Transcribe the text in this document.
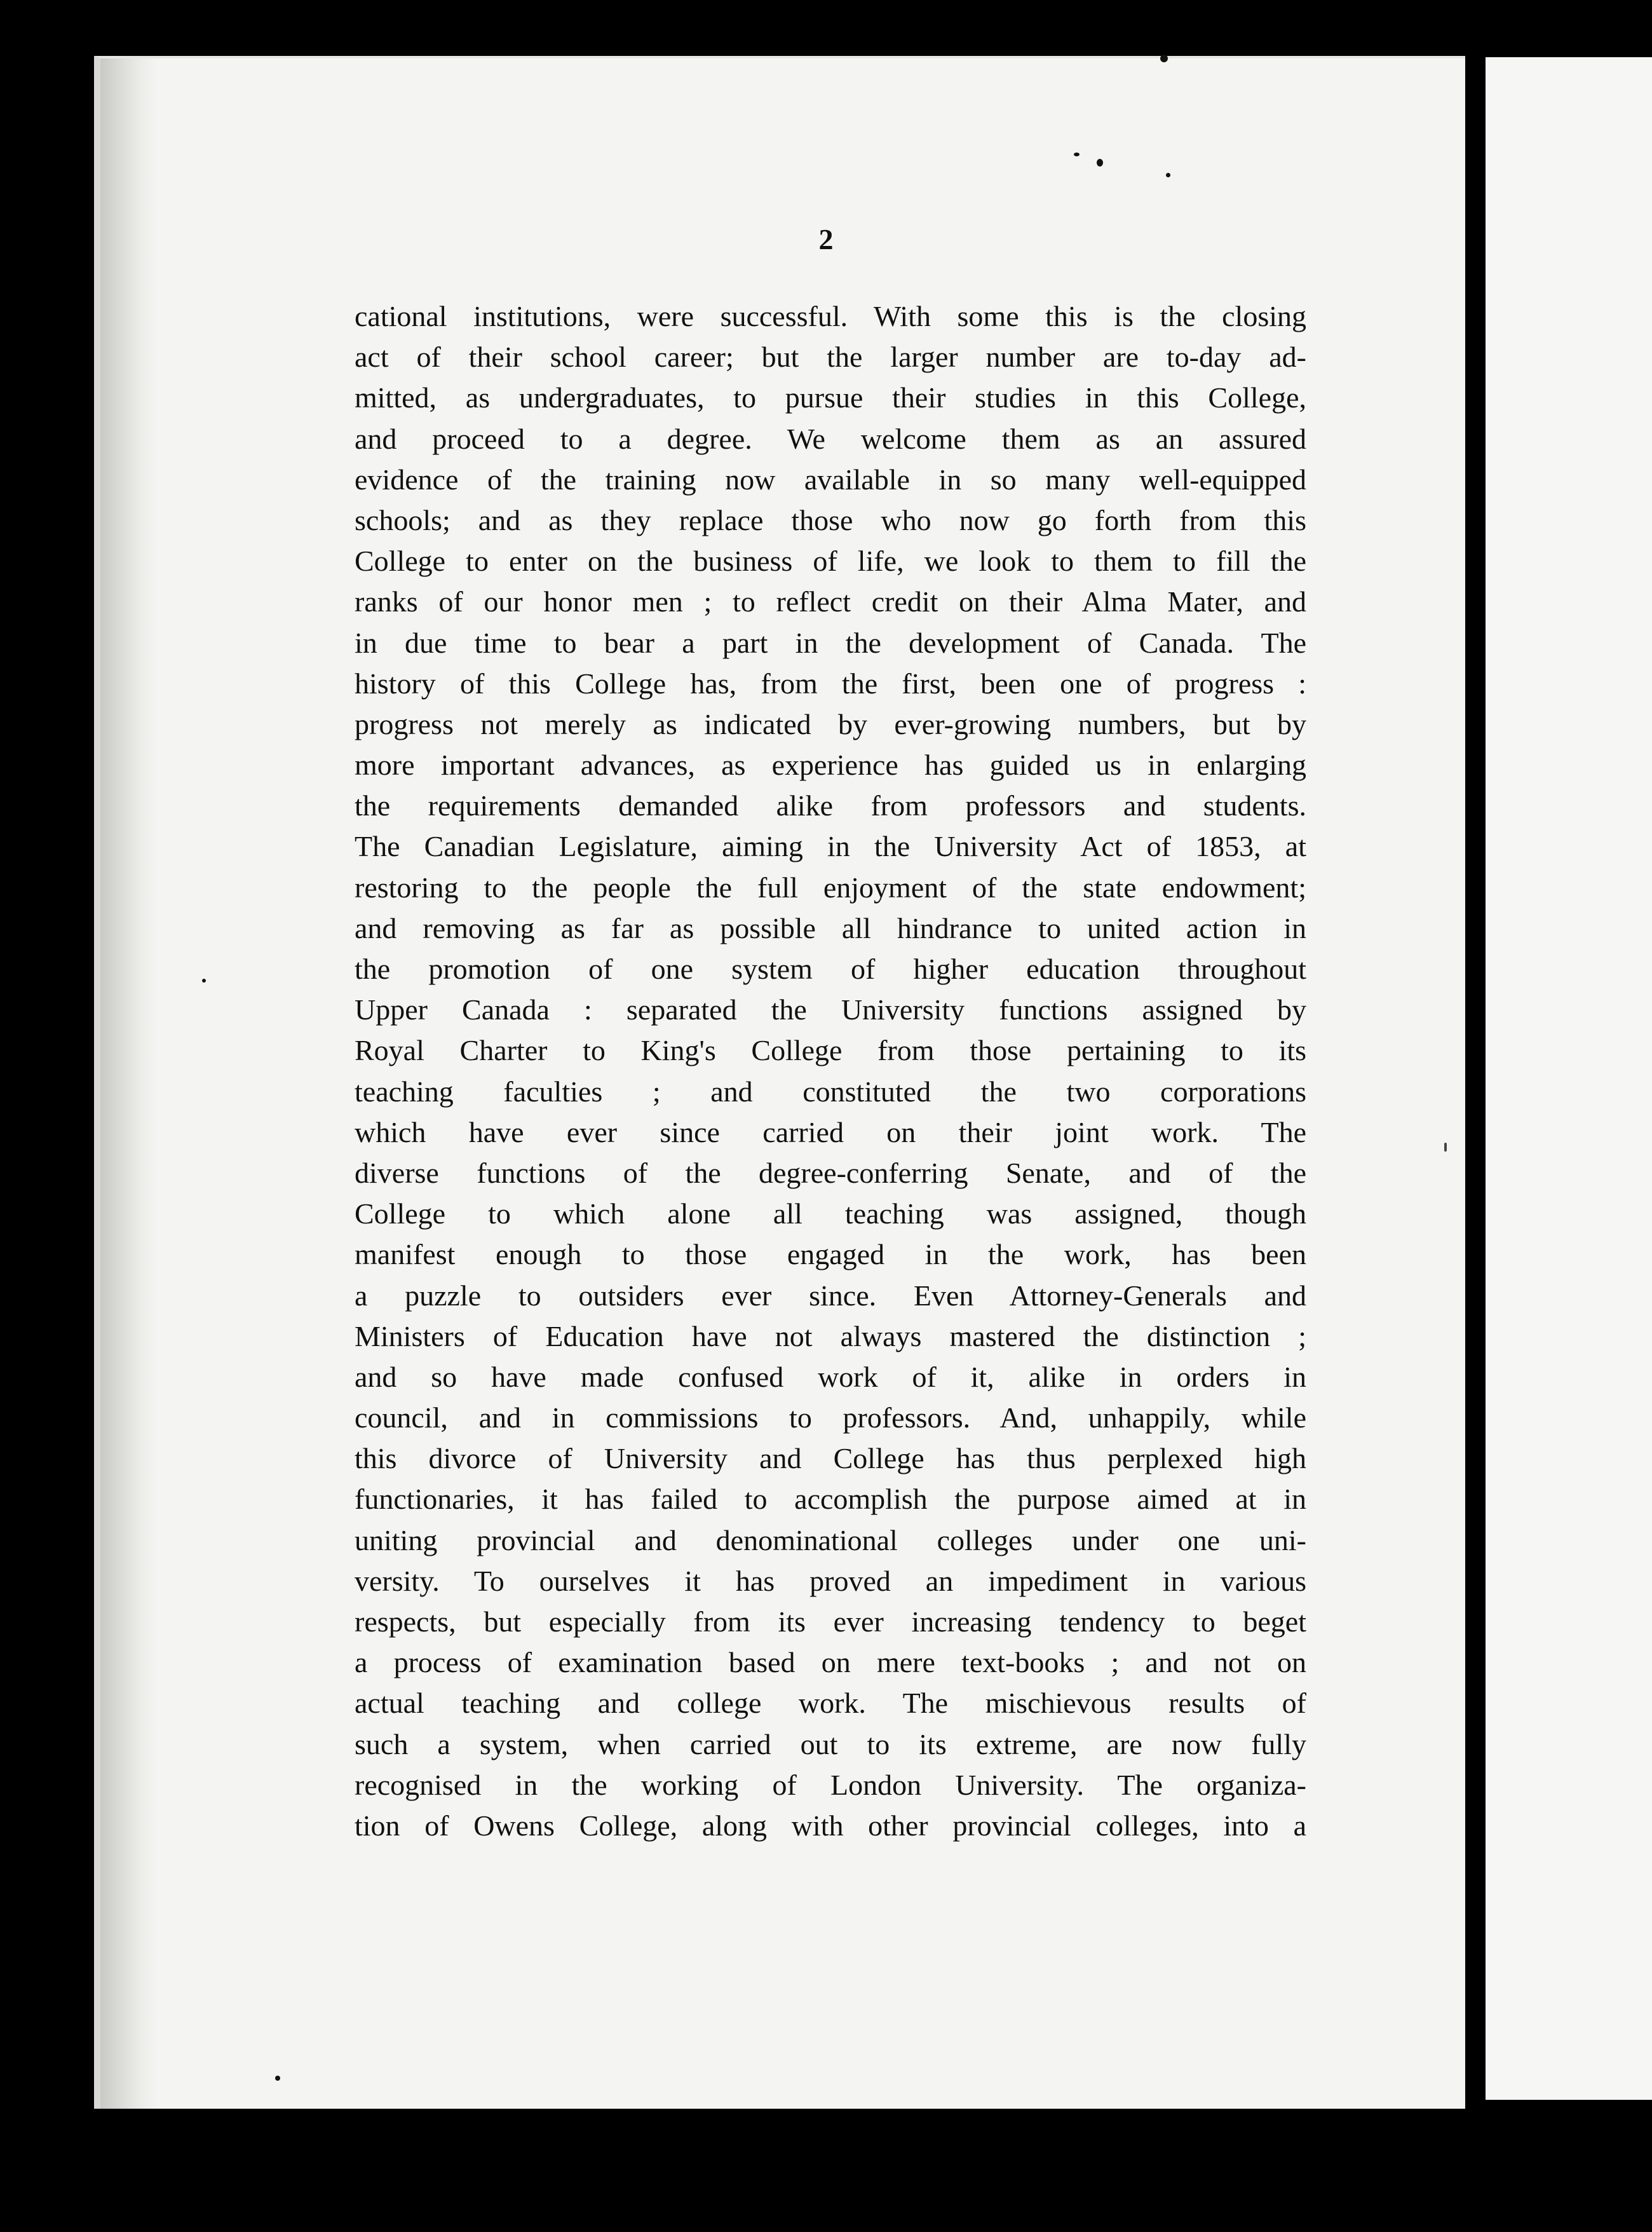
2
cational institutions, were successful. With some this is the closing
act of their school career; but the larger number are to-day ad-
mitted, as undergraduates, to pursue their studies in this College,
and proceed to a degree. We welcome them as an assured
evidence of the training now available in so many well-equipped
schools; and as they replace those who now go forth from this
College to enter on the business of life, we look to them to fill the
ranks of our honor men ; to reflect credit on their Alma Mater, and
in due time to bear a part in the development of Canada. The
history of this College has, from the first, been one of progress :
progress not merely as indicated by ever-growing numbers, but by
more important advances, as experience has guided us in enlarging
the requirements demanded alike from professors and students.
The Canadian Legislature, aiming in the University Act of 1853, at
restoring to the people the full enjoyment of the state endowment;
and removing as far as possible all hindrance to united action in
the promotion of one system of higher education throughout
Upper Canada : separated the University functions assigned by
Royal Charter to King's College from those pertaining to its
teaching faculties ; and constituted the two corporations
which have ever since carried on their joint work. The
diverse functions of the degree-conferring Senate, and of the
College to which alone all teaching was assigned, though
manifest enough to those engaged in the work, has been
a puzzle to outsiders ever since. Even Attorney-Generals and
Ministers of Education have not always mastered the distinction ;
and so have made confused work of it, alike in orders in
council, and in commissions to professors. And, unhappily, while
this divorce of University and College has thus perplexed high
functionaries, it has failed to accomplish the purpose aimed at in
uniting provincial and denominational colleges under one uni-
versity. To ourselves it has proved an impediment in various
respects, but especially from its ever increasing tendency to beget
a process of examination based on mere text-books ; and not on
actual teaching and college work. The mischievous results of
such a system, when carried out to its extreme, are now fully
recognised in the working of London University. The organiza-
tion of Owens College, along with other provincial colleges, into a
